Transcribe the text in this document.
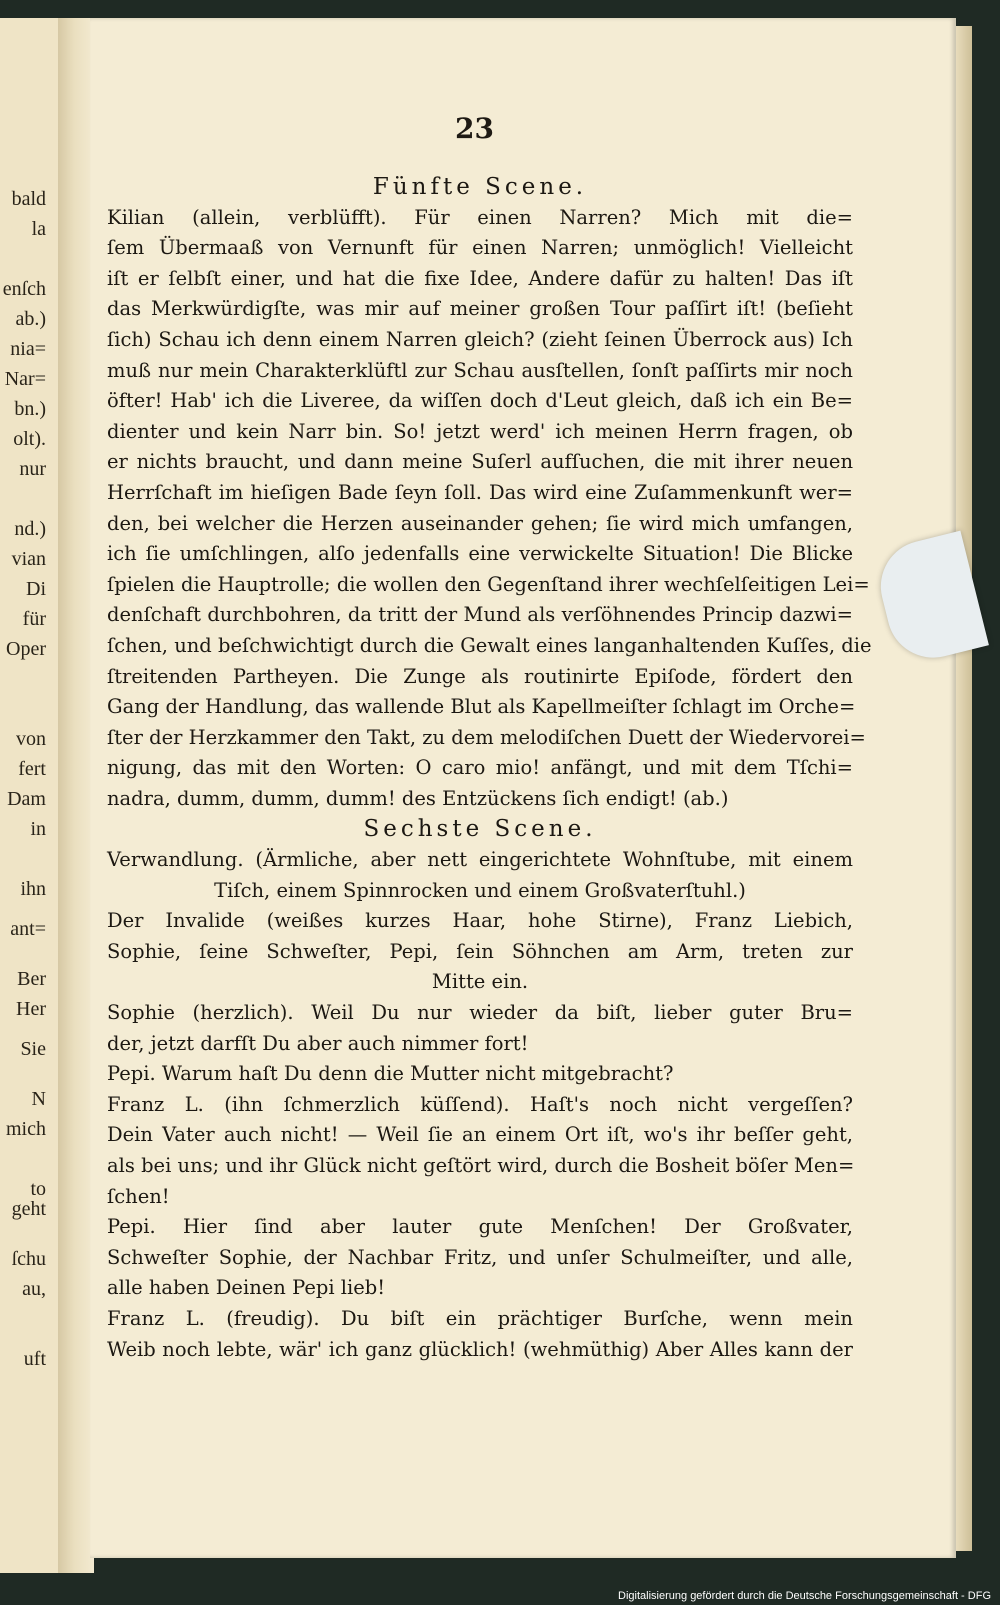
bald
la
enſch
ab.)
nia=
Nar=
bn.)
olt).
nur
nd.)
vian
Di
für
Oper
von
fert
Dam
in
ihn
ant=
Ber
Her
Sie
N
mich
to
geht
ſchu
au,
uft
23
Fünfte Scene.
Kilian (allein, verblüfft). Für einen Narren? Mich mit die=
ſem Übermaaß von Vernunft für einen Narren; unmöglich! Vielleicht
iſt er ſelbſt einer, und hat die fixe Idee, Andere dafür zu halten! Das iſt
das Merkwürdigſte, was mir auf meiner großen Tour paſſirt iſt! (beſieht
ſich) Schau ich denn einem Narren gleich? (zieht ſeinen Überrock aus) Ich
muß nur mein Charakterklüftl zur Schau ausſtellen, ſonſt paſſirts mir noch
öfter! Hab' ich die Liveree, da wiſſen doch d'Leut gleich, daß ich ein Be=
dienter und kein Narr bin. So! jetzt werd' ich meinen Herrn fragen, ob
er nichts braucht, und dann meine Suſerl aufſuchen, die mit ihrer neuen
Herrſchaft im hieſigen Bade ſeyn ſoll. Das wird eine Zuſammenkunft wer=
den, bei welcher die Herzen auseinander gehen; ſie wird mich umfangen,
ich ſie umſchlingen, alſo jedenfalls eine verwickelte Situation! Die Blicke
ſpielen die Hauptrolle; die wollen den Gegenſtand ihrer wechſelſeitigen Lei=
denſchaft durchbohren, da tritt der Mund als verſöhnendes Princip dazwi=
ſchen, und beſchwichtigt durch die Gewalt eines langanhaltenden Kuſſes, die
ſtreitenden Partheyen. Die Zunge als routinirte Epiſode, fördert den
Gang der Handlung, das wallende Blut als Kapellmeiſter ſchlagt im Orche=
ſter der Herzkammer den Takt, zu dem melodiſchen Duett der Wiedervorei=
nigung, das mit den Worten: O caro mio! anfängt, und mit dem Tſchi=
nadra, dumm, dumm, dumm! des Entzückens ſich endigt! (ab.)
Sechste Scene.
Verwandlung. (Ärmliche, aber nett eingerichtete Wohnſtube, mit einem
Tiſch, einem Spinnrocken und einem Großvaterſtuhl.)
Der Invalide (weißes kurzes Haar, hohe Stirne), Franz Liebich,
Sophie, ſeine Schweſter, Pepi, ſein Söhnchen am Arm, treten zur
Mitte ein.
Sophie (herzlich). Weil Du nur wieder da biſt, lieber guter Bru=
der, jetzt darfſt Du aber auch nimmer fort!
Pepi. Warum haſt Du denn die Mutter nicht mitgebracht?
Franz L. (ihn ſchmerzlich küſſend). Haſt's noch nicht vergeſſen?
Dein Vater auch nicht! — Weil ſie an einem Ort iſt, wo's ihr beſſer geht,
als bei uns; und ihr Glück nicht geſtört wird, durch die Bosheit böſer Men=
ſchen!
Pepi. Hier ſind aber lauter gute Menſchen! Der Großvater,
Schweſter Sophie, der Nachbar Fritz, und unſer Schulmeiſter, und alle,
alle haben Deinen Pepi lieb!
Franz L. (freudig). Du biſt ein prächtiger Burſche, wenn mein
Weib noch lebte, wär' ich ganz glücklich! (wehmüthig) Aber Alles kann der
Digitalisierung gefördert durch die Deutsche Forschungsgemeinschaft - DFG
